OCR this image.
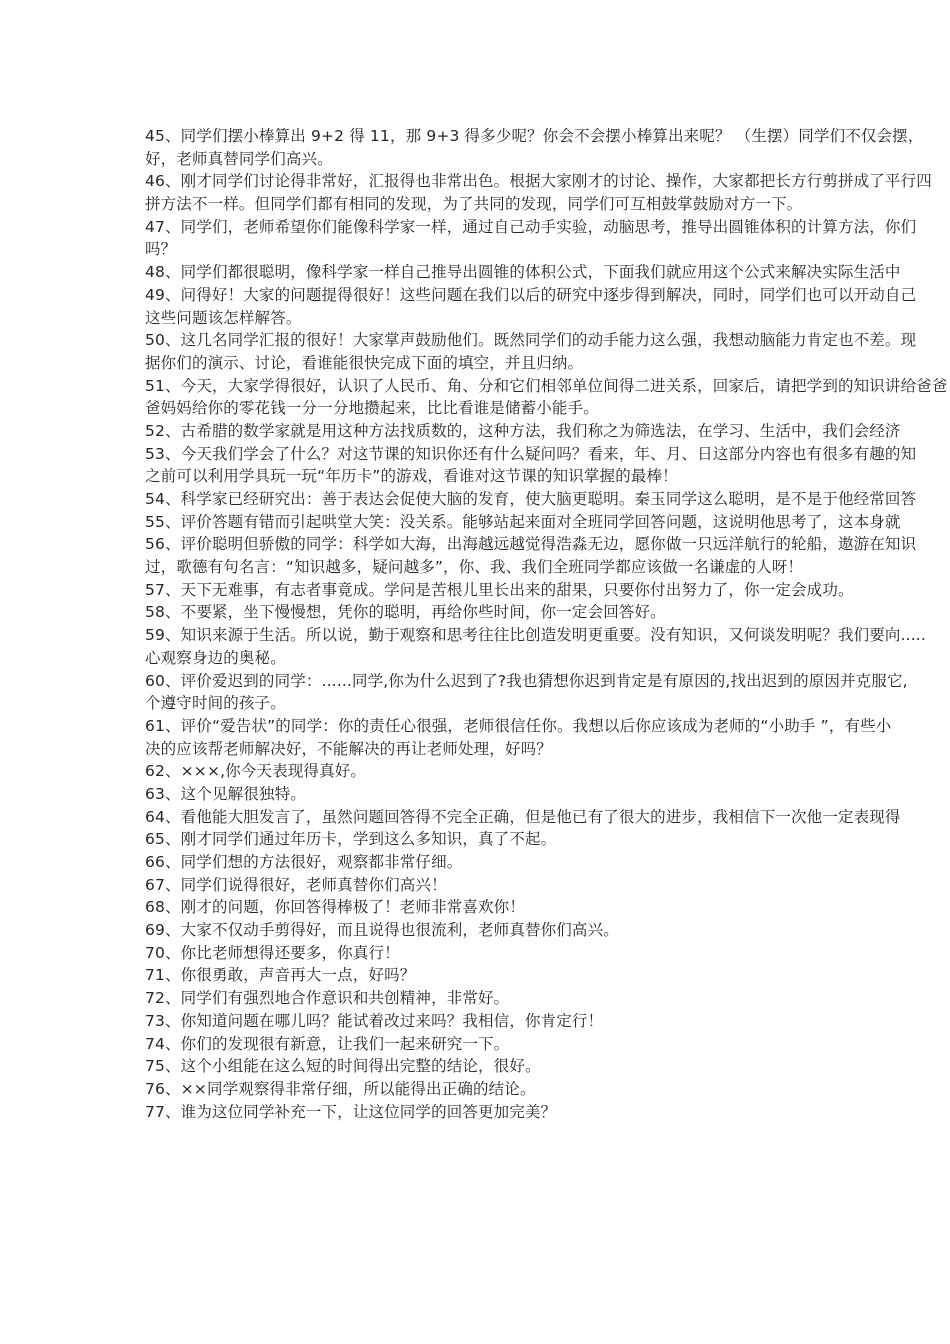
45、同学们摆小棒算出 9+2 得 11，那 9+3 得多少呢？你会不会摆小棒算出来呢？ （生摆）同学们不仅会摆，
好，老师真替同学们高兴。
46、刚才同学们讨论得非常好，汇报得也非常出色。根据大家刚才的讨论、操作，大家都把长方行剪拼成了平行四
拼方法不一样。但同学们都有相同的发现，为了共同的发现，同学们可互相鼓掌鼓励对方一下。
47、同学们，老师希望你们能像科学家一样，通过自己动手实验，动脑思考，推导出圆锥体积的计算方法，你们
吗？
48、同学们都很聪明，像科学家一样自己推导出圆锥的体积公式，下面我们就应用这个公式来解决实际生活中
49、问得好！大家的问题提得很好！这些问题在我们以后的研究中逐步得到解决，同时，同学们也可以开动自己
这些问题该怎样解答。
50、这几名同学汇报的很好！大家掌声鼓励他们。既然同学们的动手能力这么强，我想动脑能力肯定也不差。现
据你们的演示、讨论，看谁能很快完成下面的填空，并且归纳。
51、今天，大家学得很好，认识了人民币、角、分和它们相邻单位间得二进关系，回家后，请把学到的知识讲给爸爸
爸妈妈给你的零花钱一分一分地攒起来，比比看谁是储蓄小能手。
52、古希腊的数学家就是用这种方法找质数的，这种方法，我们称之为筛选法，在学习、生活中，我们会经济
53、今天我们学会了什么？对这节课的知识你还有什么疑问吗？看来，年、月、日这部分内容也有很多有趣的知
之前可以利用学具玩一玩“年历卡”的游戏，看谁对这节课的知识掌握的最棒！
54、科学家已经研究出：善于表达会促使大脑的发育，使大脑更聪明。秦玉同学这么聪明，是不是于他经常回答
55、评价答题有错而引起哄堂大笑：没关系。能够站起来面对全班同学回答问题，这说明他思考了，这本身就
56、评价聪明但骄傲的同学：科学如大海，出海越远越觉得浩淼无边，愿你做一只远洋航行的轮船，遨游在知识
过，歌德有句名言：“知识越多，疑问越多”，你、我、我们全班同学都应该做一名谦虚的人呀！
57、天下无难事，有志者事竟成。学问是苦根儿里长出来的甜果，只要你付出努力了，你一定会成功。
58、不要紧，坐下慢慢想，凭你的聪明，再给你些时间，你一定会回答好。
59、知识来源于生活。所以说，勤于观察和思考往往比创造发明更重要。没有知识，又何谈发明呢？我们要向.....
心观察身边的奥秘。
60、评价爱迟到的同学：......同学,你为什么迟到了?我也猜想你迟到肯定是有原因的,找出迟到的原因并克服它,
个遵守时间的孩子。
61、评价“爱告状”的同学：你的责任心很强，老师很信任你。我想以后你应该成为老师的“小助手 ”，有些小
决的应该帮老师解决好，不能解决的再让老师处理，好吗？
62、×××,你今天表现得真好。
63、这个见解很独特。
64、看他能大胆发言了，虽然问题回答得不完全正确，但是他已有了很大的进步，我相信下一次他一定表现得
65、刚才同学们通过年历卡，学到这么多知识，真了不起。
66、同学们想的方法很好，观察都非常仔细。
67、同学们说得很好，老师真替你们高兴！
68、刚才的问题，你回答得棒极了！老师非常喜欢你！
69、大家不仅动手剪得好，而且说得也很流利，老师真替你们高兴。
70、你比老师想得还要多，你真行！
71、你很勇敢，声音再大一点，好吗？
72、同学们有强烈地合作意识和共创精神，非常好。
73、你知道问题在哪儿吗？能试着改过来吗？我相信，你肯定行！
74、你们的发现很有新意，让我们一起来研究一下。
75、这个小组能在这么短的时间得出完整的结论，很好。
76、××同学观察得非常仔细，所以能得出正确的结论。
77、谁为这位同学补充一下，让这位同学的回答更加完美？
